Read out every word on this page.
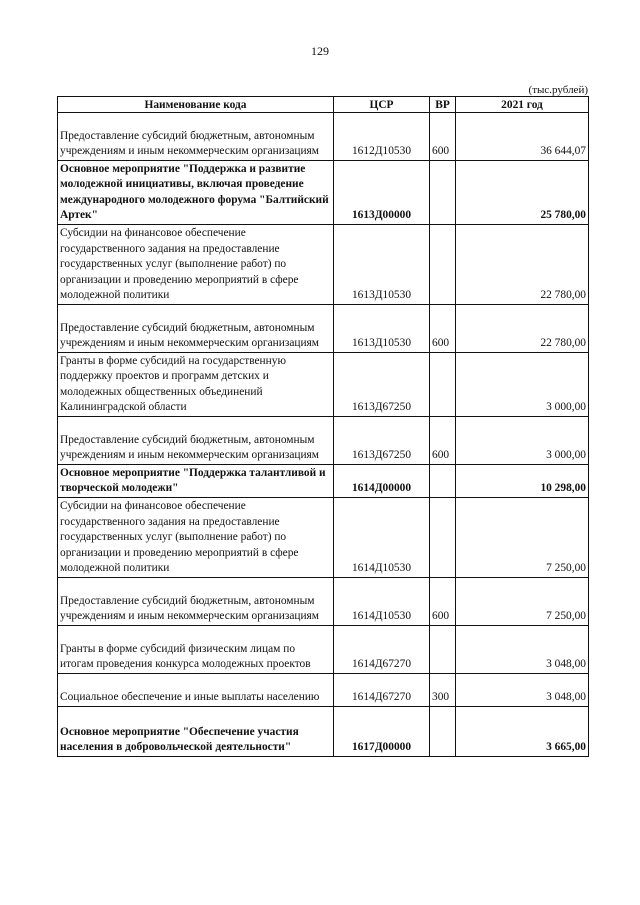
129
(тыс.рублей)
Наименование кода	ЦСР	ВР	2021 год
Предоставление субсидий бюджетным, автономным учреждениям и иным некоммерческим организациям	1612Д10530	600	36 644,07
Основное мероприятие "Поддержка и развитие молодежной инициативы, включая проведение международного молодежного форума "Балтийский Артек"	1613Д00000		25 780,00
Субсидии на финансовое обеспечение государственного задания на предоставление государственных услуг (выполнение работ) по организации и проведению мероприятий в сфере молодежной политики	1613Д10530		22 780,00
Предоставление субсидий бюджетным, автономным учреждениям и иным некоммерческим организациям	1613Д10530	600	22 780,00
Гранты в форме субсидий на государственную поддержку проектов и программ детских и молодежных общественных объединений Калининградской области	1613Д67250		3 000,00
Предоставление субсидий бюджетным, автономным учреждениям и иным некоммерческим организациям	1613Д67250	600	3 000,00
Основное мероприятие "Поддержка талантливой и творческой молодежи"	1614Д00000		10 298,00
Субсидии на финансовое обеспечение государственного задания на предоставление государственных услуг (выполнение работ) по организации и проведению мероприятий в сфере молодежной политики	1614Д10530		7 250,00
Предоставление субсидий бюджетным, автономным учреждениям и иным некоммерческим организациям	1614Д10530	600	7 250,00
Гранты в форме субсидий физическим лицам по итогам проведения конкурса молодежных проектов	1614Д67270		3 048,00
Социальное обеспечение и иные выплаты населению	1614Д67270	300	3 048,00
Основное мероприятие "Обеспечение участия населения в добровольческой деятельности"	1617Д00000		3 665,00
